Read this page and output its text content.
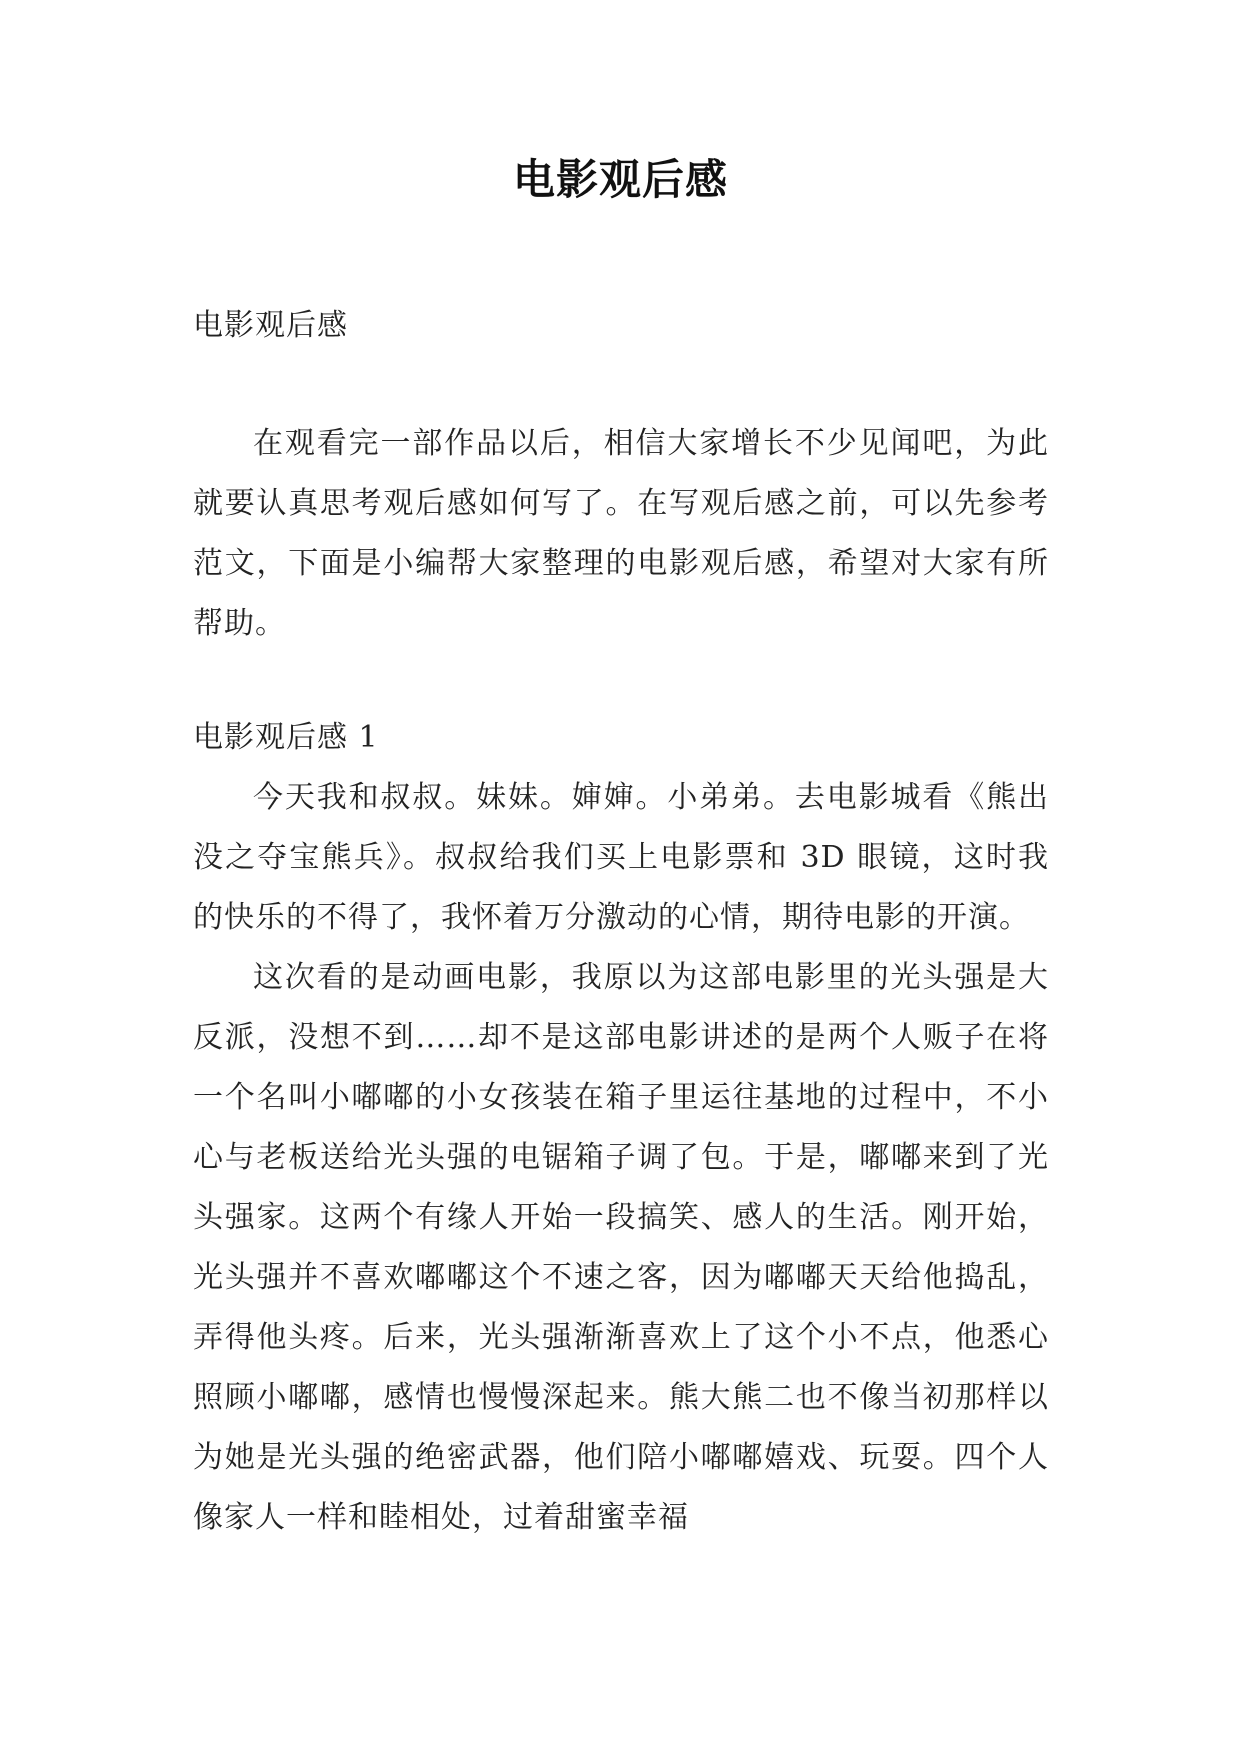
电影观后感

电影观后感

在观看完一部作品以后，相信大家增长不少见闻吧，为此就要认真思考观后感如何写了。在写观后感之前，可以先参考范文，下面是小编帮大家整理的电影观后感，希望对大家有所帮助。

电影观后感 1

今天我和叔叔。妹妹。婶婶。小弟弟。去电影城看《熊出没之夺宝熊兵》。叔叔给我们买上电影票和 3D 眼镜，这时我的快乐的不得了，我怀着万分激动的心情，期待电影的开演。

这次看的是动画电影，我原以为这部电影里的光头强是大反派，没想不到……却不是这部电影讲述的是两个人贩子在将一个名叫小嘟嘟的小女孩装在箱子里运往基地的过程中，不小心与老板送给光头强的电锯箱子调了包。于是，嘟嘟来到了光头强家。这两个有缘人开始一段搞笑、感人的生活。刚开始，光头强并不喜欢嘟嘟这个不速之客，因为嘟嘟天天给他捣乱，弄得他头疼。后来，光头强渐渐喜欢上了这个小不点，他悉心照顾小嘟嘟，感情也慢慢深起来。熊大熊二也不像当初那样以为她是光头强的绝密武器，他们陪小嘟嘟嬉戏、玩耍。四个人像家人一样和睦相处，过着甜蜜幸福
